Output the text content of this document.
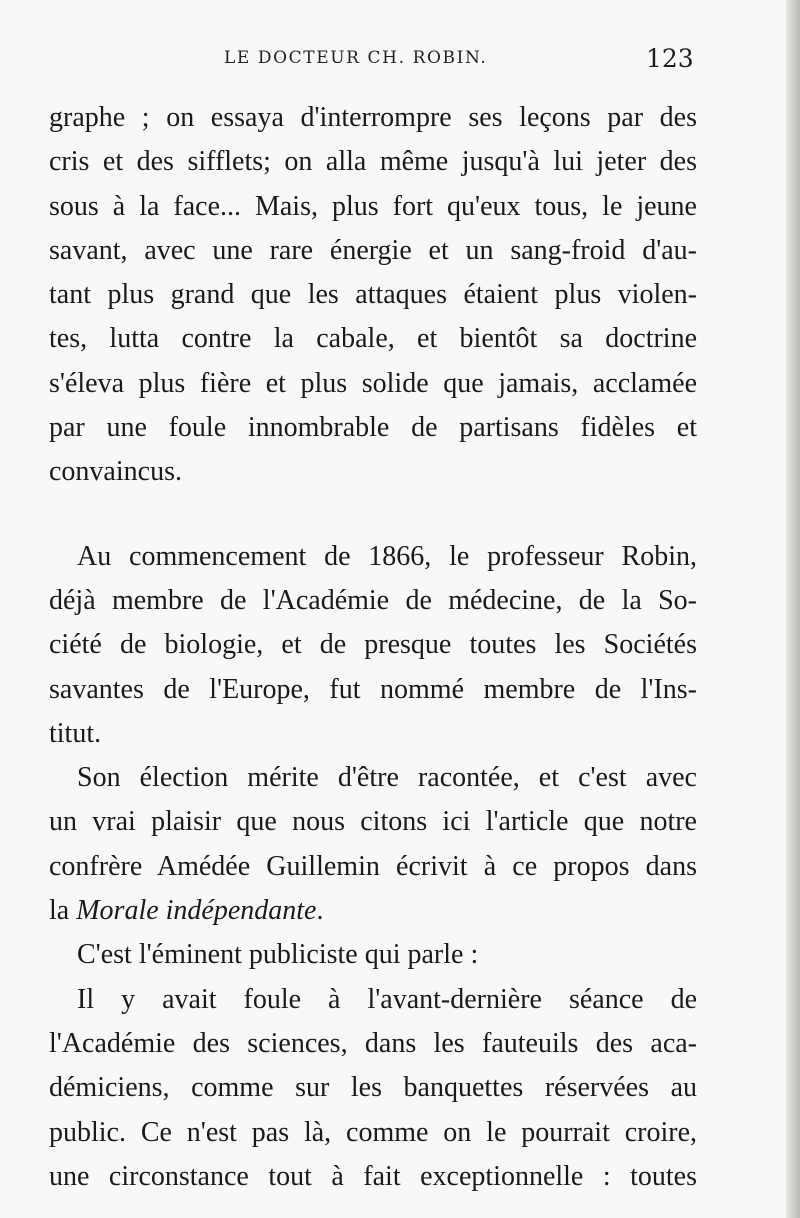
LE DOCTEUR CH. ROBIN.	123
graphe ; on essaya d'interrompre ses leçons par des
cris et des sifflets; on alla même jusqu'à lui jeter des
sous à la face... Mais, plus fort qu'eux tous, le jeune
savant, avec une rare énergie et un sang-froid d'au-
tant plus grand que les attaques étaient plus violen-
tes, lutta contre la cabale, et bientôt sa doctrine
s'éleva plus fière et plus solide que jamais, acclamée
par une foule innombrable de partisans fidèles et
convaincus.
Au commencement de 1866, le professeur Robin,
déjà membre de l'Académie de médecine, de la So-
ciété de biologie, et de presque toutes les Sociétés
savantes de l'Europe, fut nommé membre de l'Ins-
titut.
Son élection mérite d'être racontée, et c'est avec
un vrai plaisir que nous citons ici l'article que notre
confrère Amédée Guillemin écrivit à ce propos dans
la Morale indépendante.
C'est l'éminent publiciste qui parle :
Il y avait foule à l'avant-dernière séance de
l'Académie des sciences, dans les fauteuils des aca-
démiciens, comme sur les banquettes réservées au
public. Ce n'est pas là, comme on le pourrait croire,
une circonstance tout à fait exceptionnelle : toutes
